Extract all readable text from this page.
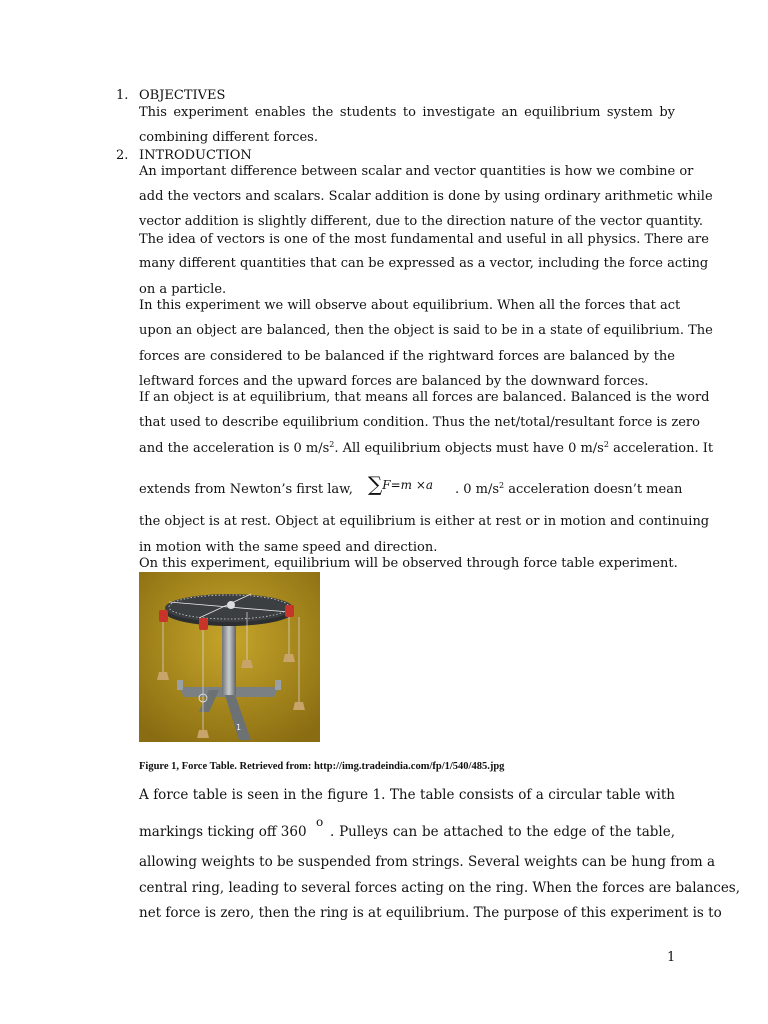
1. OBJECTIVES
This experiment enables the students to investigate an equilibrium system by
combining different forces.
2. INTRODUCTION
An important difference between scalar and vector quantities is how we combine or
add the vectors and scalars. Scalar addition is done by using ordinary arithmetic while
vector addition is slightly different, due to the direction nature of the vector quantity.
The idea of vectors is one of the most fundamental and useful in all physics. There are
many different quantities that can be expressed as a vector, including the force acting
on a particle.
In this experiment we will observe about equilibrium. When all the forces that act
upon an object are balanced, then the object is said to be in a state of equilibrium. The
forces are considered to be balanced if the rightward forces are balanced by the
leftward forces and the upward forces are balanced by the downward forces.
If an object is at equilibrium, that means all forces are balanced. Balanced is the word
that used to describe equilibrium condition. Thus the net/total/resultant force is zero
and the acceleration is 0 $m/s^2$. All equilibrium objects must have 0 $m/s^2$ acceleration. It
extends from Newton’s first law, ∑F=m ×a . 0 $m/s^2$ acceleration doesn’t mean
the object is at rest. Object at equilibrium is either at rest or in motion and continuing
in motion with the same speed and direction.
On this experiment, equilibrium will be observed through force table experiment.
1
Figure 1, Force Table. Retrieved from: http://img.tradeindia.com/fp/1/540/485.jpg
A force table is seen in the figure 1. The table consists of a circular table with
markings ticking off 360
o
. Pulleys can be attached to the edge of the table,
allowing weights to be suspended from strings. Several weights can be hung from a
central ring, leading to several forces acting on the ring. When the forces are balances,
net force is zero, then the ring is at equilibrium. The purpose of this experiment is to
1
